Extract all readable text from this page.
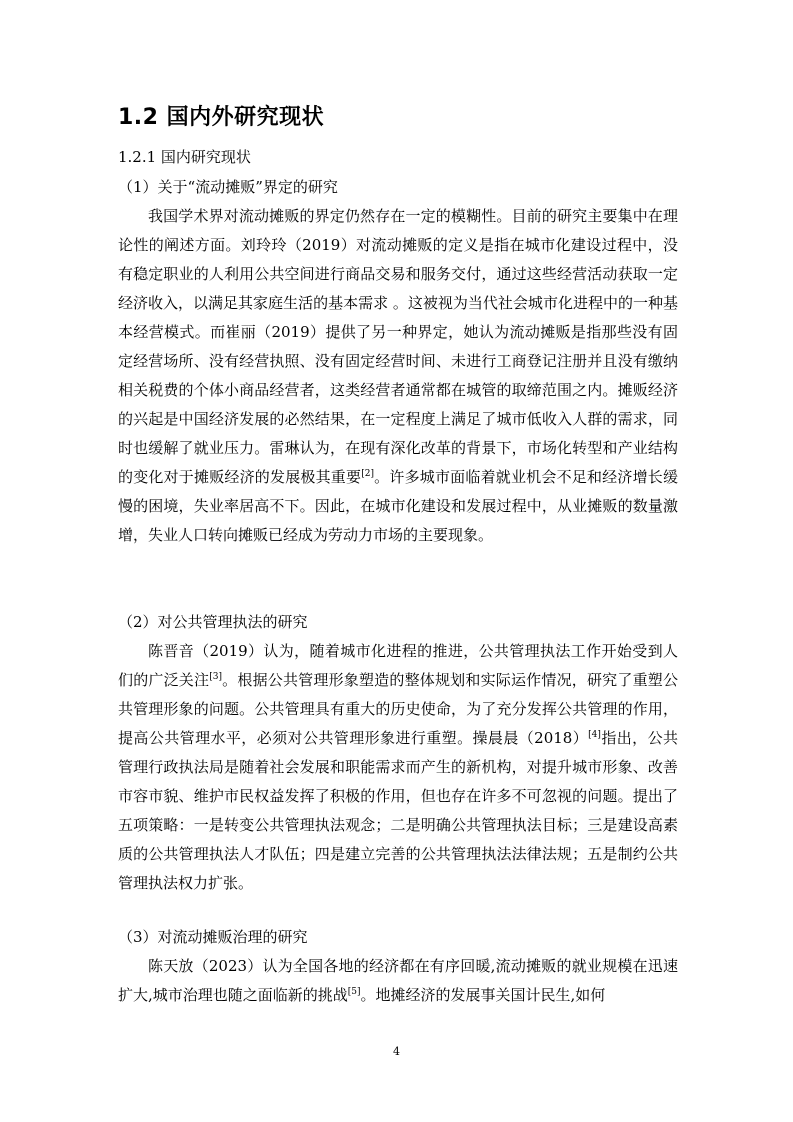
1.2 国内外研究现状
1.2.1 国内研究现状
（1）关于“流动摊贩”界定的研究

我国学术界对流动摊贩的界定仍然存在一定的模糊性。目前的研究主要集中在理论性的阐述方面。刘玲玲（2019）对流动摊贩的定义是指在城市化建设过程中，没有稳定职业的人利用公共空间进行商品交易和服务交付，通过这些经营活动获取一定经济收入，以满足其家庭生活的基本需求 。这被视为当代社会城市化进程中的一种基本经营模式。而崔丽（2019）提供了另一种界定，她认为流动摊贩是指那些没有固定经营场所、没有经营执照、没有固定经营时间、未进行工商登记注册并且没有缴纳相关税费的个体小商品经营者，这类经营者通常都在城管的取缔范围之内。摊贩经济的兴起是中国经济发展的必然结果，在一定程度上满足了城市低收入人群的需求，同时也缓解了就业压力。雷琳认为，在现有深化改革的背景下，市场化转型和产业结构的变化对于摊贩经济的发展极其重要[2]。许多城市面临着就业机会不足和经济增长缓慢的困境，失业率居高不下。因此，在城市化建设和发展过程中，从业摊贩的数量激增，失业人口转向摊贩已经成为劳动力市场的主要现象。

（2）对公共管理执法的研究

陈晋音（2019）认为，随着城市化进程的推进，公共管理执法工作开始受到人们的广泛关注[3]。根据公共管理形象塑造的整体规划和实际运作情况，研究了重塑公共管理形象的问题。公共管理具有重大的历史使命，为了充分发挥公共管理的作用，提高公共管理水平，必须对公共管理形象进行重塑。操晨晨（2018）[4]指出，公共管理行政执法局是随着社会发展和职能需求而产生的新机构，对提升城市形象、改善市容市貌、维护市民权益发挥了积极的作用，但也存在许多不可忽视的问题。提出了五项策略：一是转变公共管理执法观念；二是明确公共管理执法目标；三是建设高素质的公共管理执法人才队伍；四是建立完善的公共管理执法法律法规；五是制约公共管理执法权力扩张。

（3）对流动摊贩治理的研究

陈天放（2023）认为全国各地的经济都在有序回暖,流动摊贩的就业规模在迅速扩大,城市治理也随之面临新的挑战[5]。地摊经济的发展事关国计民生,如何

4
